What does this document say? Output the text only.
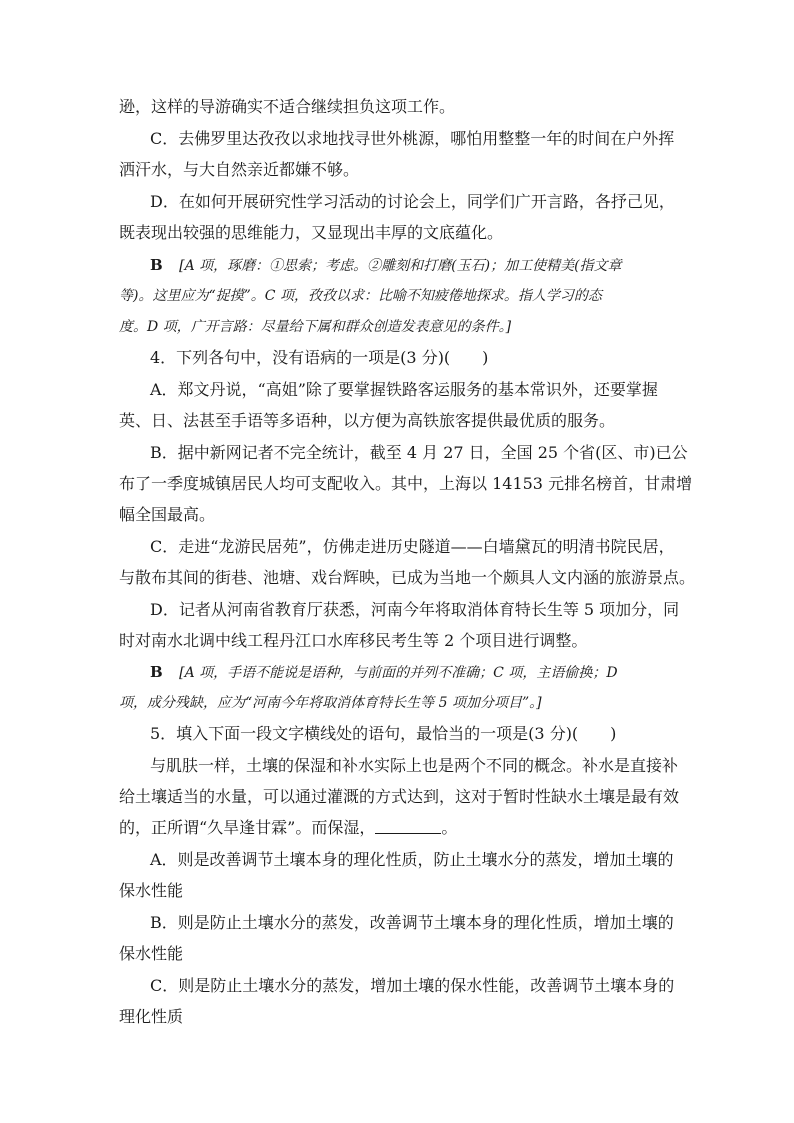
逊，这样的导游确实不适合继续担负这项工作。
C．去佛罗里达孜孜以求地找寻世外桃源，哪怕用整整一年的时间在户外挥
洒汗水，与大自然亲近都嫌不够。
D．在如何开展研究性学习活动的讨论会上，同学们广开言路，各抒己见，
既表现出较强的思维能力，又显现出丰厚的文底蕴化。
B [A 项，琢磨：①思索；考虑。②雕刻和打磨(玉石)；加工使精美(指文章
等)。这里应为“捉摸”。C 项，孜孜以求：比喻不知疲倦地探求。指人学习的态
度。D 项，广开言路：尽量给下属和群众创造发表意见的条件。]
4．下列各句中，没有语病的一项是(3 分)(　　)
A．郑文丹说，“高姐”除了要掌握铁路客运服务的基本常识外，还要掌握
英、日、法甚至手语等多语种，以方便为高铁旅客提供最优质的服务。
B．据中新网记者不完全统计，截至 4 月 27 日，全国 25 个省(区、市)已公
布了一季度城镇居民人均可支配收入。其中，上海以 14153 元排名榜首，甘肃增
幅全国最高。
C．走进“龙游民居苑”，仿佛走进历史隧道——白墙黛瓦的明清书院民居，
与散布其间的街巷、池塘、戏台辉映，已成为当地一个颇具人文内涵的旅游景点。
D．记者从河南省教育厅获悉，河南今年将取消体育特长生等 5 项加分，同
时对南水北调中线工程丹江口水库移民考生等 2 个项目进行调整。
B [A 项，手语不能说是语种，与前面的并列不准确；C 项，主语偷换；D
项，成分残缺，应为“河南今年将取消体育特长生等 5 项加分项目”。]
5．填入下面一段文字横线处的语句，最恰当的一项是(3 分)(　　)
与肌肤一样，土壤的保湿和补水实际上也是两个不同的概念。补水是直接补
给土壤适当的水量，可以通过灌溉的方式达到，这对于暂时性缺水土壤是最有效
的，正所谓“久旱逢甘霖”。而保湿，	。
A．则是改善调节土壤本身的理化性质，防止土壤水分的蒸发，增加土壤的
保水性能
B．则是防止土壤水分的蒸发，改善调节土壤本身的理化性质，增加土壤的
保水性能
C．则是防止土壤水分的蒸发，增加土壤的保水性能，改善调节土壤本身的
理化性质
